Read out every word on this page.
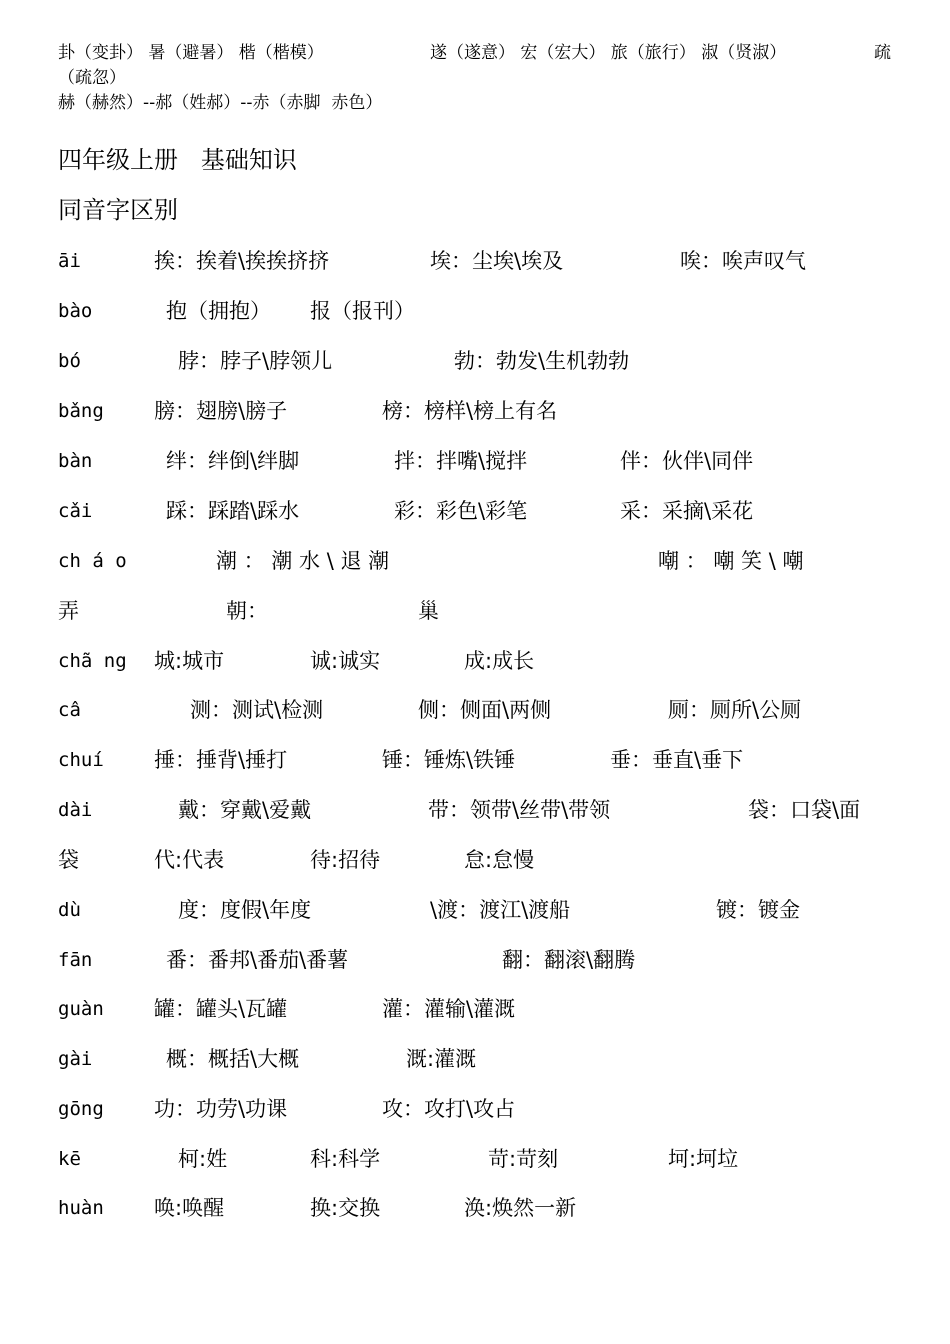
卦（变卦） 暑（避暑） 楷（楷模）	遂（遂意） 宏（宏大） 旅（旅行） 淑（贤淑）	疏
（疏忽）
赫（赫然）--郝（姓郝）--赤（赤脚  赤色）
四年级上册   基础知识
同音字区别
āi	挨：挨着\挨挨挤挤	埃：尘埃\埃及	唉：唉声叹气
bào	抱（拥抱） 报（报刊）
bó	脖：脖子\脖领儿	勃：勃发\生机勃勃
bǎng 膀：翅膀\膀子	榜：榜样\榜上有名
bàn	绊：绊倒\绊脚	拌：拌嘴\搅拌	伴：伙伴\同伴
cǎi	踩：踩踏\踩水	彩：彩色\彩笔	采：采摘\采花
ch á o	潮 ： 潮 水 \ 退 潮	嘲 ： 嘲 笑 \ 嘲
弄	朝：	巢
chã ng 城:城市	诚:诚实	成:成长
câ	测：测试\检测	侧：侧面\两侧	厕：厕所\公厕
chuí 捶：捶背\捶打	锤：锤炼\铁锤	垂：垂直\垂下
dài	戴：穿戴\爱戴	带：领带\丝带\带领	袋：口袋\面
袋	代:代表	待:招待	怠:怠慢
dù	度：度假\年度	\渡：渡江\渡船	镀：镀金
fān	番：番邦\番茄\番薯	翻：翻滚\翻腾
guàn 罐：罐头\瓦罐	灌：灌输\灌溉
gài	概：概括\大概	溉:灌溉
gōng 功：功劳\功课	攻：攻打\攻占
kē	柯:姓	科:科学	苛:苛刻	坷:坷垃
huàn 唤:唤醒	换:交换	涣:焕然一新
